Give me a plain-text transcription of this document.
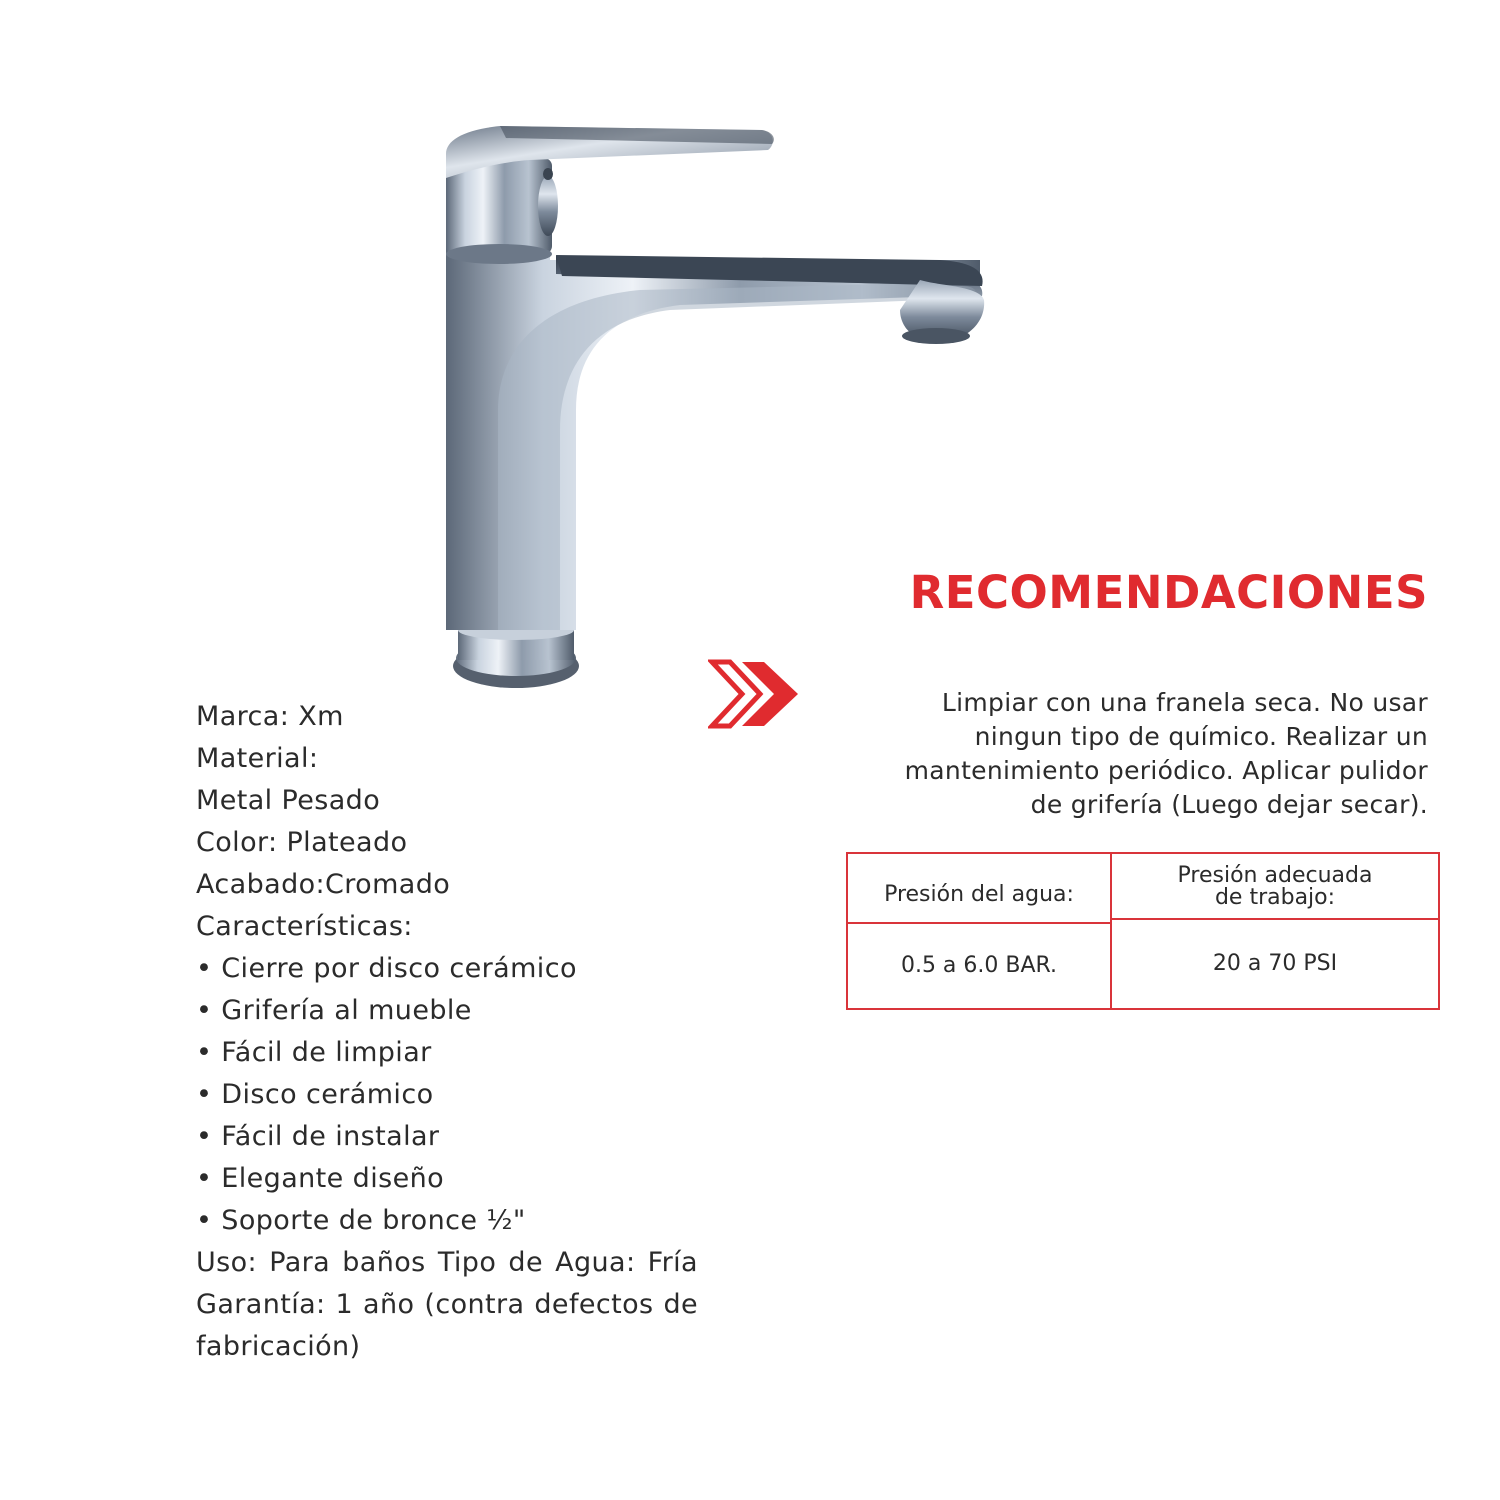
Marca: Xm
Material:
Metal Pesado
Color: Plateado
Acabado:Cromado
Características:
• Cierre por disco cerámico
• Grifería al mueble
• Fácil de limpiar
• Disco cerámico
• Fácil de instalar
• Elegante diseño
• Soporte de bronce ½"
Uso: Para baños Tipo de Agua: Fría Garantía: 1 año (contra defectos de fabricación)
RECOMENDACIONES
Limpiar con una franela seca. No usar
ningun tipo de químico. Realizar un
mantenimiento periódico. Aplicar pulidor
de grifería (Luego dejar secar).
Presión del agua:
Presión adecuada
de trabajo:
0.5 a 6.0 BAR.	20 a 70 PSI
